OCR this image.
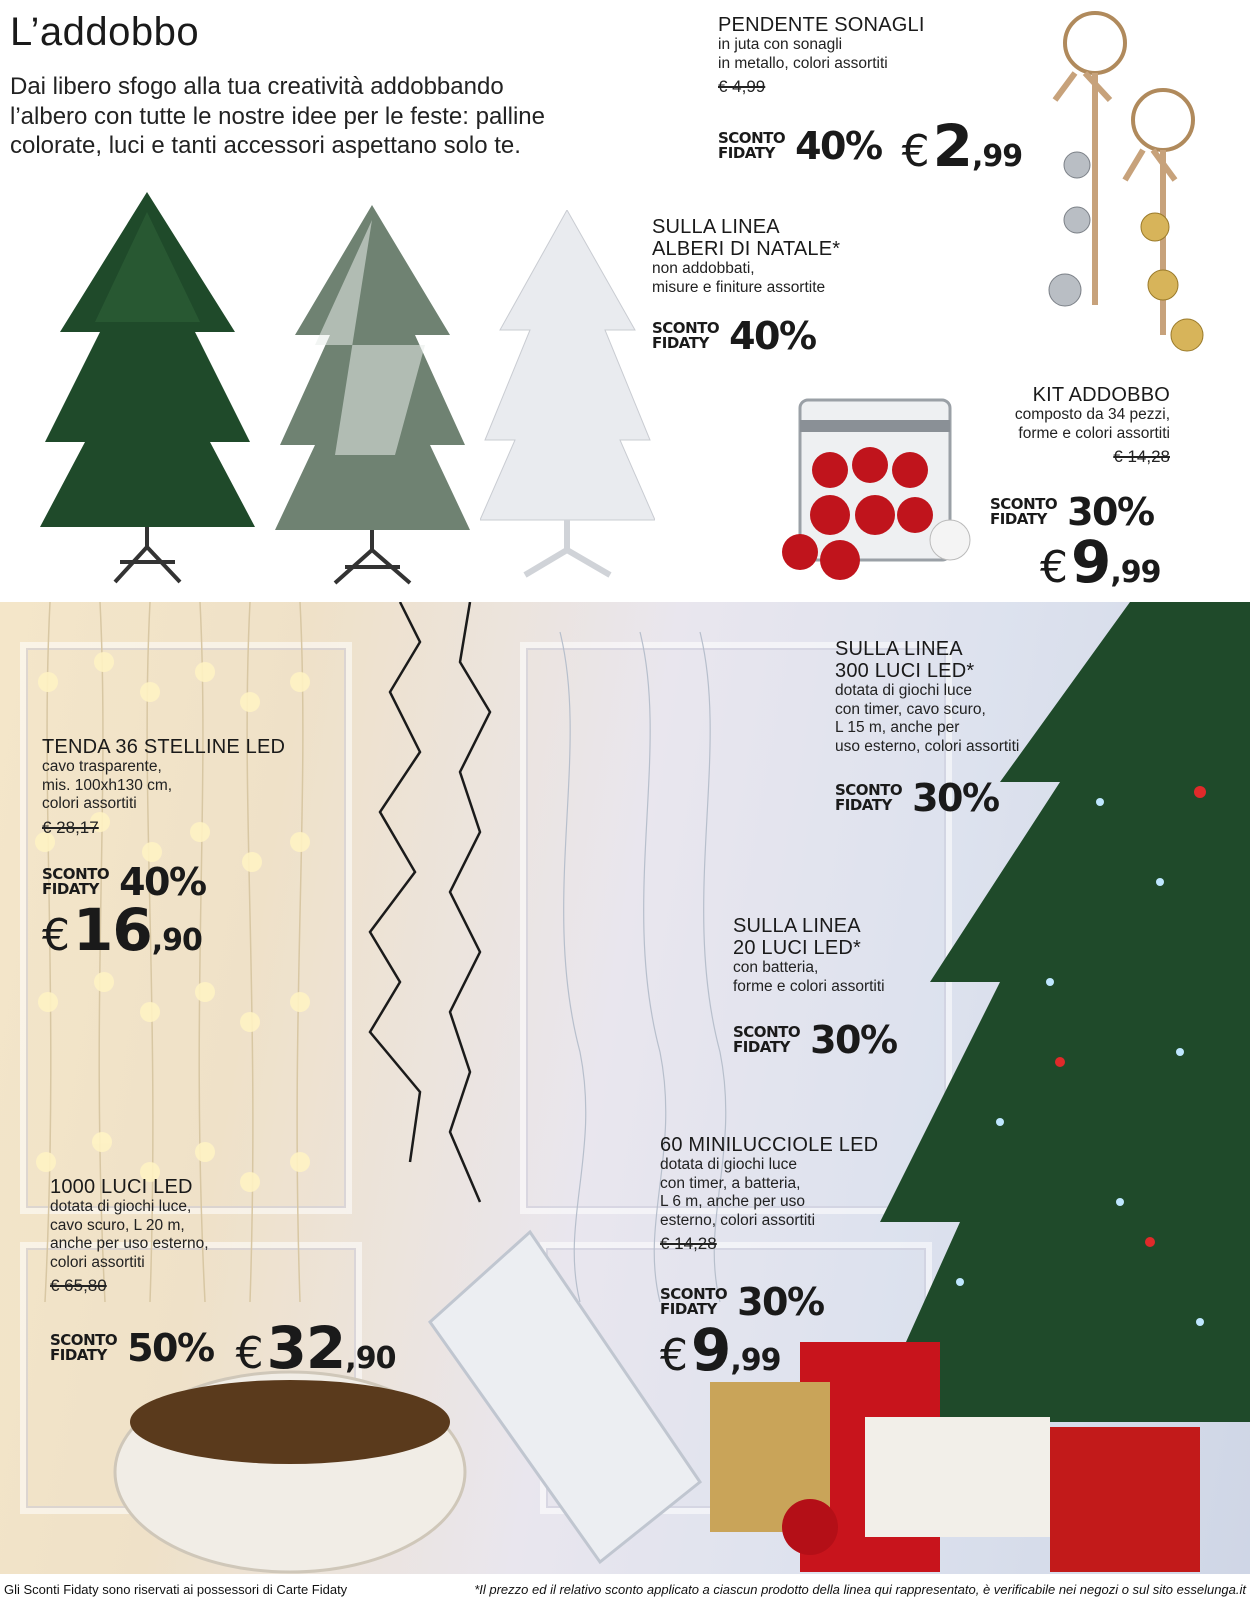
L’addobbo

Dai libero sfogo alla tua creatività addobbando l’albero con tutte le nostre idee per le feste: palline colorate, luci e tanti accessori aspettano solo te.

PENDENTE SONAGLI
in juta con sonagli
in metallo, colori assortiti
€ 4,99
SCONTO
FIDATY 40% €2,99
SULLA LINEA
ALBERI DI NATALE*
non addobbati,
misure e finiture assortite
SCONTO
FIDATY 40%
KIT ADDOBBO
composto da 34 pezzi,
forme e colori assortiti
€ 14,28
SCONTO
FIDATY 30%
€9,99
SULLA LINEA
300 LUCI LED*
dotata di giochi luce
con timer, cavo scuro,
L 15 m, anche per
uso esterno, colori assortiti
SCONTO
FIDATY 30%
TENDA 36 STELLINE LED
cavo trasparente,
mis. 100xh130 cm,
colori assortiti
€ 28,17
SCONTO
FIDATY 40%
€16,90	SULLA LINEA
20 LUCI LED*
con batteria,
forme e colori assortiti
SCONTO
FIDATY 30%
60 MINILUCCIOLE LED
dotata di giochi luce
con timer, a batteria,
L 6 m, anche per uso
esterno, colori assortiti
€ 14,28
SCONTO
FIDATY 30%
€9,99
1000 LUCI LED
dotata di giochi luce,
cavo scuro, L 20 m,
anche per uso esterno,
colori assortiti
€ 65,80
SCONTO
FIDATY 50% €32,90
Gli Sconti Fidaty sono riservati ai possessori di Carte Fidaty	*Il prezzo ed il relativo sconto applicato a ciascun prodotto della linea qui rappresentato, è verificabile nei negozi o sul sito esselunga.it
